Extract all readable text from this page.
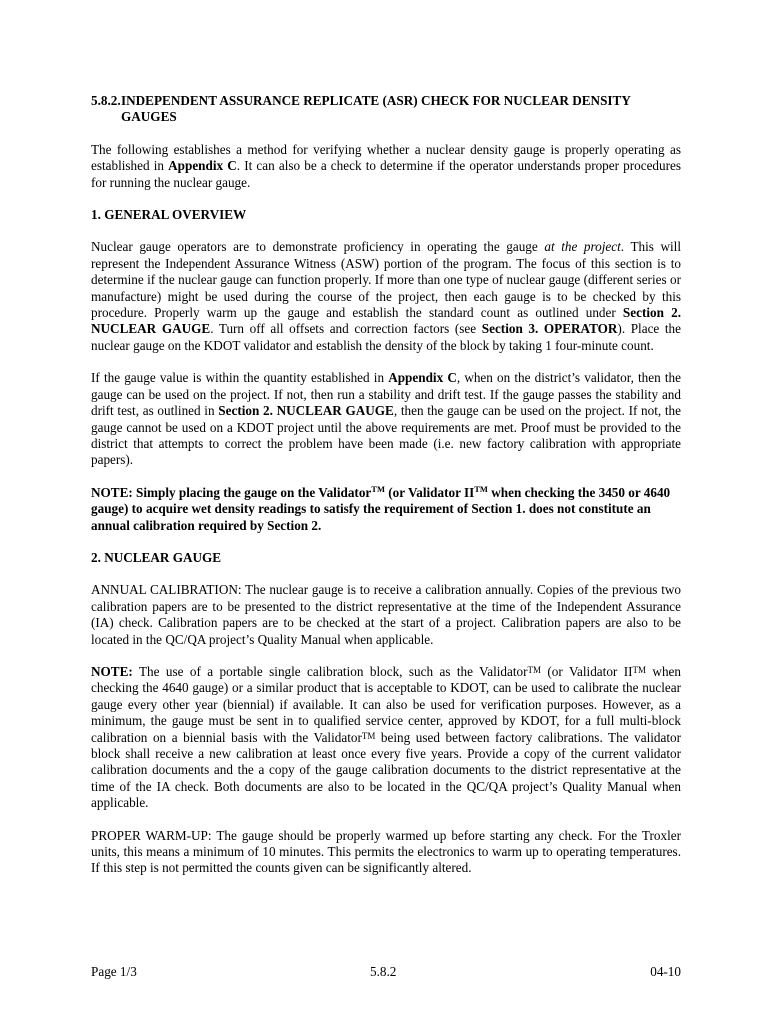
5.8.2.INDEPENDENT ASSURANCE REPLICATE (ASR) CHECK FOR NUCLEAR DENSITY GAUGES

The following establishes a method for verifying whether a nuclear density gauge is properly operating as established in Appendix C. It can also be a check to determine if the operator understands proper procedures for running the nuclear gauge.

1. GENERAL OVERVIEW

Nuclear gauge operators are to demonstrate proficiency in operating the gauge at the project. This will represent the Independent Assurance Witness (ASW) portion of the program. The focus of this section is to determine if the nuclear gauge can function properly. If more than one type of nuclear gauge (different series or manufacture) might be used during the course of the project, then each gauge is to be checked by this procedure. Properly warm up the gauge and establish the standard count as outlined under Section 2. NUCLEAR GAUGE. Turn off all offsets and correction factors (see Section 3. OPERATOR). Place the nuclear gauge on the KDOT validator and establish the density of the block by taking 1 four-minute count.

If the gauge value is within the quantity established in Appendix C, when on the district’s validator, then the gauge can be used on the project. If not, then run a stability and drift test. If the gauge passes the stability and drift test, as outlined in Section 2. NUCLEAR GAUGE, then the gauge can be used on the project. If not, the gauge cannot be used on a KDOT project until the above requirements are met. Proof must be provided to the district that attempts to correct the problem have been made (i.e. new factory calibration with appropriate papers).

NOTE: Simply placing the gauge on the Validator™ (or Validator II™ when checking the 3450 or 4640 gauge) to acquire wet density readings to satisfy the requirement of Section 1. does not constitute an annual calibration required by Section 2.

2. NUCLEAR GAUGE

ANNUAL CALIBRATION: The nuclear gauge is to receive a calibration annually. Copies of the previous two calibration papers are to be presented to the district representative at the time of the Independent Assurance (IA) check. Calibration papers are to be checked at the start of a project. Calibration papers are also to be located in the QC/QA project’s Quality Manual when applicable.

NOTE: The use of a portable single calibration block, such as the Validator™ (or Validator II™ when checking the 4640 gauge) or a similar product that is acceptable to KDOT, can be used to calibrate the nuclear gauge every other year (biennial) if available. It can also be used for verification purposes. However, as a minimum, the gauge must be sent in to qualified service center, approved by KDOT, for a full multi-block calibration on a biennial basis with the Validator™ being used between factory calibrations. The validator block shall receive a new calibration at least once every five years. Provide a copy of the current validator calibration documents and the a copy of the gauge calibration documents to the district representative at the time of the IA check. Both documents are also to be located in the QC/QA project’s Quality Manual when applicable.

PROPER WARM-UP: The gauge should be properly warmed up before starting any check. For the Troxler units, this means a minimum of 10 minutes. This permits the electronics to warm up to operating temperatures. If this step is not permitted the counts given can be significantly altered.

Page 1/3	5.8.2	04-10
